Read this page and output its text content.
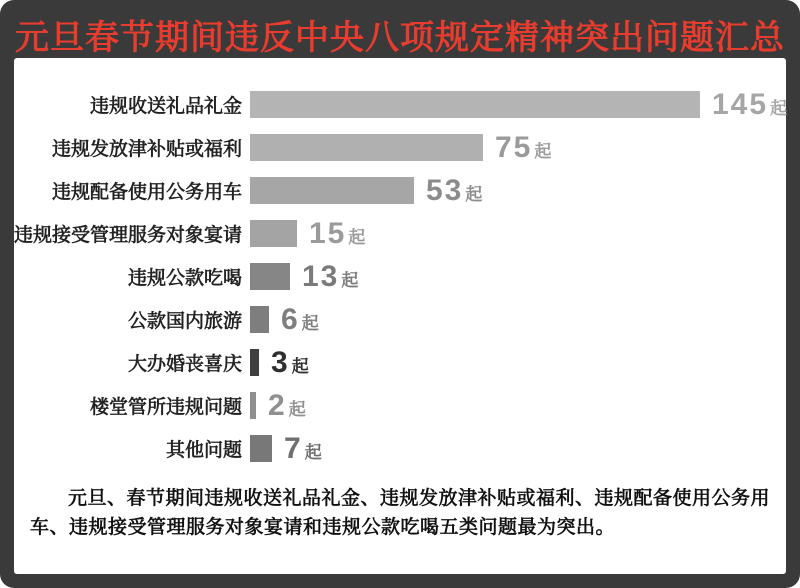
元旦春节期间违反中央八项规定精神突出问题汇总
违规收送礼品礼金	145 起
违规发放津补贴或福利	75 起
违规配备使用公务用车	53 起
违规接受管理服务对象宴请 15 起
违规公款吃喝 13 起
公款国内旅游 6 起
大办婚丧喜庆 3 起
楼堂管所违规问题 2 起
其他问题 7 起
元旦、春节期间违规收送礼品礼金、违规发放津补贴或福利、违规配备使用公务用车、违规接受管理服务对象宴请和违规公款吃喝五类问题最为突出。
